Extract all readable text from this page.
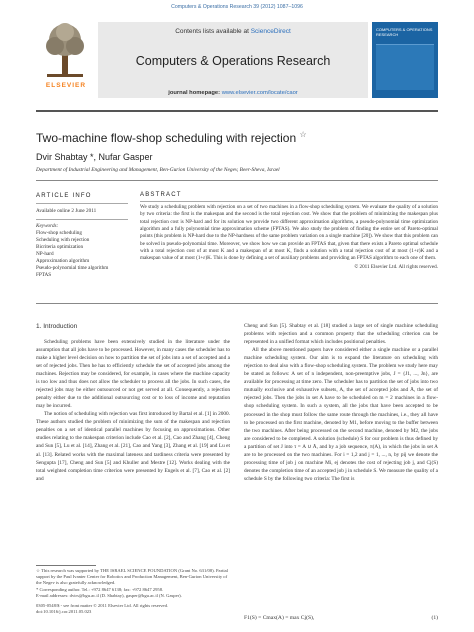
Computers & Operations Research 39 (2012) 1087–1096
ELSEVIER
Contents lists available at ScienceDirect
Computers & Operations Research
journal homepage: www.elsevier.com/locate/caor
COMPUTERS & OPERATIONS RESEARCH
Two-machine flow-shop scheduling with rejection ☆
Dvir Shabtay *, Nufar Gasper
Department of Industrial Engineering and Management, Ben-Gurion University of the Negev, Beer-Sheva, Israel
ARTICLE INFO
Available online 2 June 2011
Keywords:
Flow-shop scheduling
Scheduling with rejection
Bicriteria optimization
NP-hard
Approximation algorithm
Pseudo-polynomial time algorithm
FPTAS
ABSTRACT
We study a scheduling problem with rejection on a set of two machines in a flow-shop scheduling system. We evaluate the quality of a solution by two criteria: the first is the makespan and the second is the total rejection cost. We show that the problem of minimizing the makespan plus total rejection cost is NP-hard and for its solution we provide two different approximation algorithms, a pseudo-polynomial time optimization algorithm and a fully polynomial time approximation scheme (FPTAS). We also study the problem of finding the entire set of Pareto-optimal points (this problem is NP-hard due to the NP-hardness of the same problem variation on a single machine [20]). We show that this problem can be solved in pseudo-polynomial time. Moreover, we show how we can provide an FPTAS that, given that there exists a Pareto optimal schedule with a total rejection cost of at most K and a makespan of at most K, finds a solution with a total rejection cost of at most (1+ε)K and a makespan value of at most (1+ε)K. This is done by defining a set of auxiliary problems and providing an FPTAS algorithm to each one of them.
© 2011 Elsevier Ltd. All rights reserved.

1. Introduction

Scheduling problems have been extensively studied in the literature under the assumption that all jobs have to be processed. However, in many cases the scheduler has to make a higher level decision on how to partition the set of jobs into a set of accepted and a set of rejected jobs. Then he has to efficiently schedule the set of accepted jobs among the machines. Rejection may be considered, for example, in cases where the machine capacity is too low and thus does not allow the scheduler to process all the jobs. In such cases, the rejected jobs may be either outsourced or not get served at all. Consequently, a rejection penalty either due to the additional outsourcing cost or to loss of income and reputation may be incurred.

The notion of scheduling with rejection was first introduced by Bartal et al. [1] in 2000. These authors studied the problem of minimizing the sum of the makespan and rejection penalties on a set of identical parallel machines by focusing on approximations. Other studies relating to the makespan criterion include Cao et al. [2], Cao and Zhang [4], Cheng and Sun [5], Lu et al. [14], Zhang et al. [21], Cao and Yang [3], Zhang et al. [19] and Lu et al. [13]. Related works with the maximal lateness and tardiness criteria were presented by Sengupta [17], Cheng and Sun [5] and Khuller and Mestre [12]. Works dealing with the total weighted completion time criterion were presented by Engels et al. [7], Cao et al. [2] and

Cheng and Sun [5]. Shabtay et al. [18] studied a large set of single machine scheduling problems with rejection and a common property that the scheduling criterion can be represented in a unified format which includes positional penalties.

All the above mentioned papers have considered either a single machine or a parallel machine scheduling system. Our aim is to expand the literature on scheduling with rejection to deal also with a flow-shop scheduling system. The problem we study here may be stated as follows: A set of n independent, non-preemptive jobs, J = {J1, ..., Jn}, are available for processing at time zero. The scheduler has to partition the set of jobs into two mutually exclusive and exhaustive subsets, A, the set of accepted jobs and Ā, the set of rejected jobs. Then the jobs in set A have to be scheduled on m = 2 machines in a flow-shop scheduling system. In such a system, all the jobs that have been accepted to be processed in the shop must follow the same route through the machines, i.e., they all have to be processed on the first machine, denoted by M1, before moving to the buffer between the two machines. After being processed on the second machine, denoted by M2, the jobs are considered to be completed. A solution (schedule) S for our problem is thus defined by a partition of set J into τ = A ∪ Ā, and by a job sequence, π(A), in which the jobs in set A are to be processed on the two machines. For i = 1,2 and j = 1, ..., n, by pij we denote the processing time of job j on machine Mi, ej denotes the cost of rejecting job j, and Cj(S) denotes the completion time of an accepted job j in schedule S. We measure the quality of a schedule S by the following two criteria: The first is

☆ This research was supported by THE ISRAEL SCIENCE FOUNDATION (Grant No. 631/08). Partial support by the Paul Ivanier Center for Robotics and Production Management, Ben-Gurion University of the Negev is also gratefully acknowledged.
* Corresponding author. Tel.: +972 8647 6138; fax: +972 8647 2958.
E-mail addresses: dvirs@bgu.ac.il (D. Shabtay), gasper@bgu.ac.il (N. Gasper).
0305-0548/$ - see front matter © 2011 Elsevier Ltd. All rights reserved.
doi:10.1016/j.cor.2011.05.023
F1(S) = Cmax(A) = max Cj(S),	(1)
